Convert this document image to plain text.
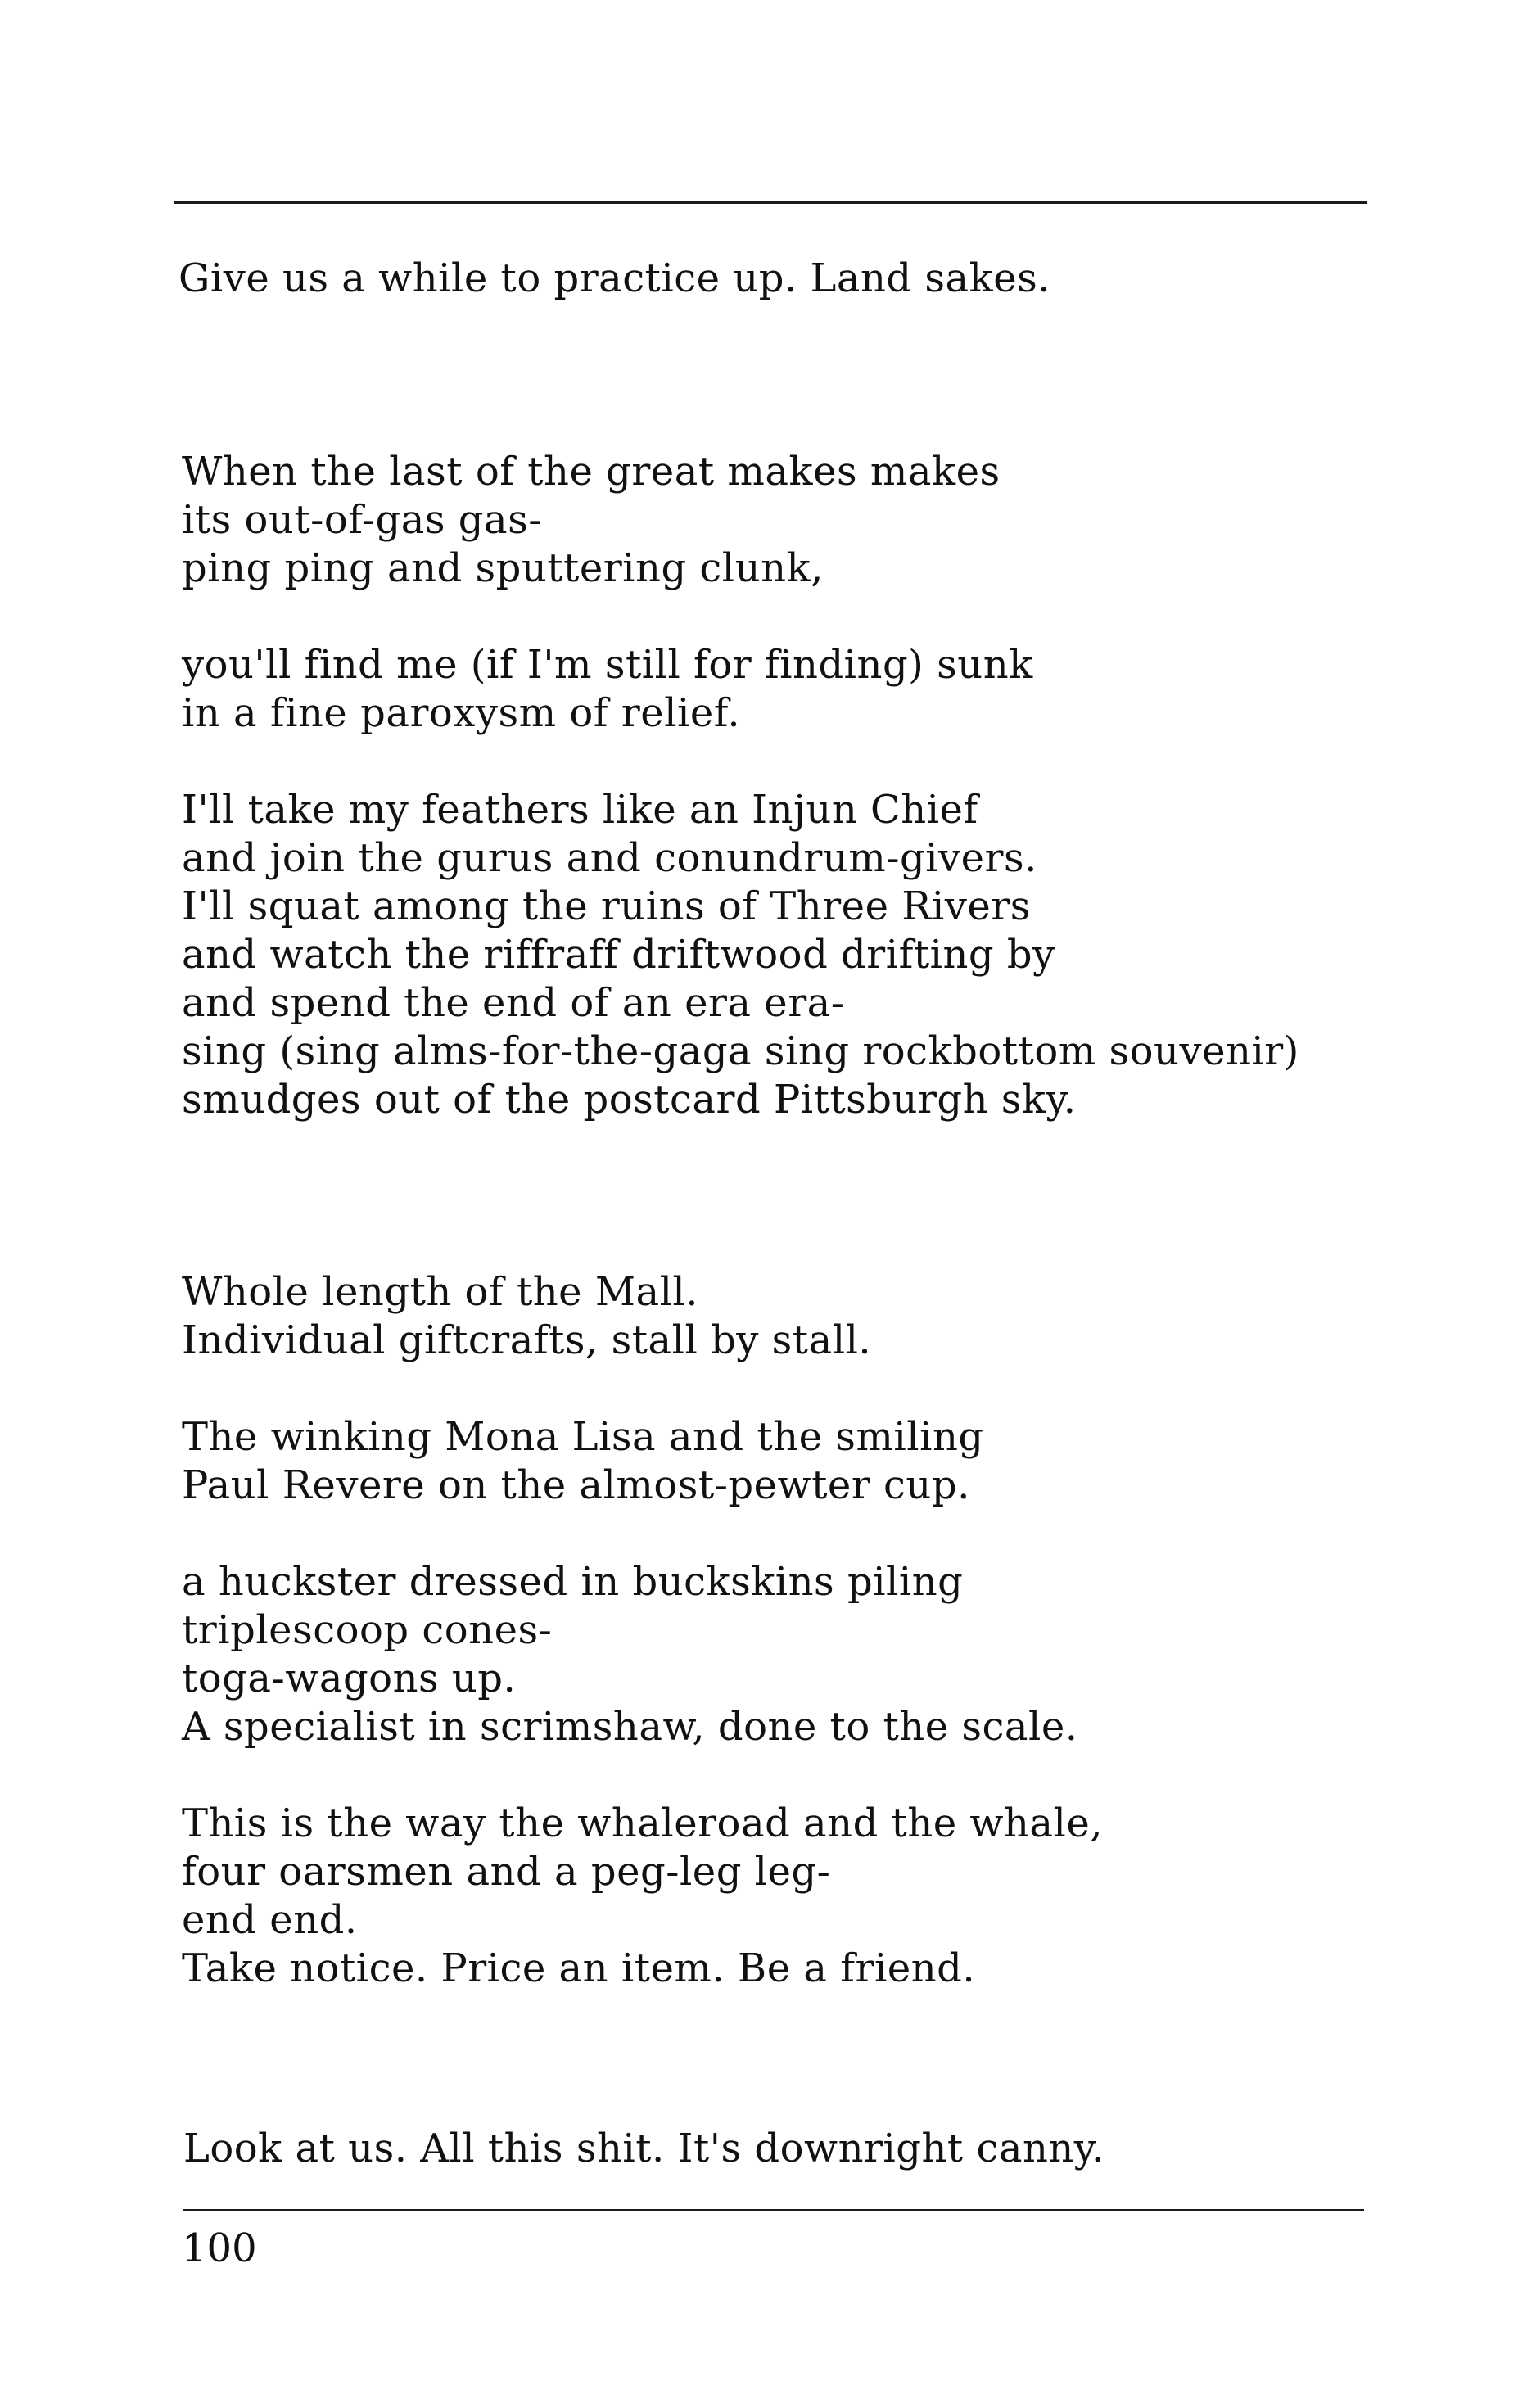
Give us a while to practice up. Land sakes.
When the last of the great makes makes
its out-of-gas gas-
ping ping and sputtering clunk,
you'll find me (if I'm still for finding) sunk
in a fine paroxysm of relief.
I'll take my feathers like an Injun Chief
and join the gurus and conundrum-givers.
I'll squat among the ruins of Three Rivers
and watch the riffraff driftwood drifting by
and spend the end of an era era-
sing (sing alms-for-the-gaga sing rockbottom souvenir)
smudges out of the postcard Pittsburgh sky.
Whole length of the Mall.
Individual giftcrafts, stall by stall.
The winking Mona Lisa and the smiling
Paul Revere on the almost-pewter cup.
a huckster dressed in buckskins piling
triplescoop cones-
toga-wagons up.
A specialist in scrimshaw, done to the scale.
This is the way the whaleroad and the whale,
four oarsmen and a peg-leg leg-
end end.
Take notice. Price an item. Be a friend.
Look at us. All this shit. It's downright canny.
100
